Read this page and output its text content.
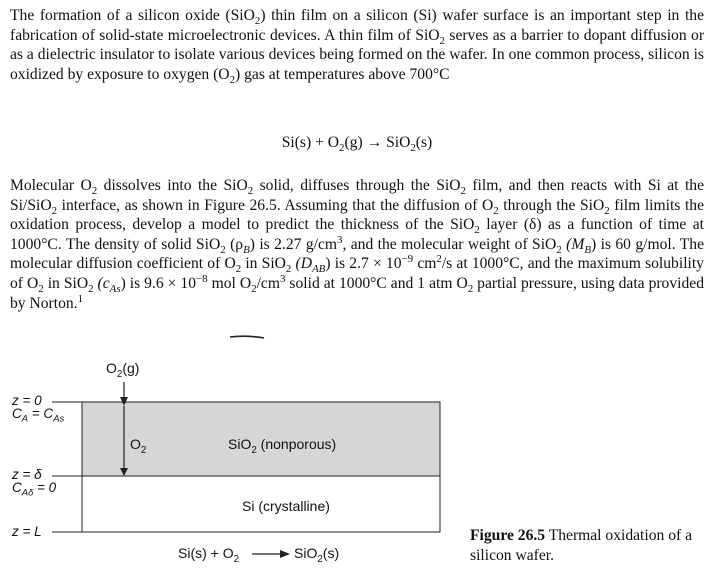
The formation of a silicon oxide (SiO$_2$) thin film on a silicon (Si) wafer surface is an important step in the fabrication of solid-state microelectronic devices. A thin film of SiO$_2$ serves as a barrier to dopant diffusion or as a dielectric insulator to isolate various devices being formed on the wafer. In one common process, silicon is oxidized by exposure to oxygen $(O_2)$ gas at temperatures above 700°C

$Si(s) + O_2(g) \to SiO_2(s)$

Molecular $O_2$ dissolves into the SiO$_2$ solid, diffuses through the SiO$_2$ film, and then reacts with Si at the Si/SiO$_2$ interface, as shown in Figure 26.5. Assuming that the diffusion of $O_2$ through the SiO$_2$ film limits the oxidation process, develop a model to predict the thickness of the SiO$_2$ layer (δ) as a function of time at 1000°C. The density of solid SiO$_2$ $(\rho_B)$ is 2.27 $g/cm^3$, and the molecular weight of SiO$_2$ $(M_B)$ is 60 g/mol. The molecular diffusion coefficient of $O_2$ in SiO$_2$ $(D_{AB})$ is $2.7 \times 10^{-9}$ $cm^2/s$ at 1000°C, and the maximum solubility of $O_2$ in SiO$_2$ $(c_{As})$ is $9.6 \times 10^{-8}$ mol $O_2/cm^3$ solid at 1000°C and 1 atm $O_2$ partial pressure, using data provided by Norton.$^1$

$O_2(g)$
$O_2$	SiO$_2$ (nonporous)
Si (crystalline)
z = 0
$C_A = C_{As}$
z = δ
$C_{A\delta} = 0$
z = L
$Si(s) + O_2$	SiO$_2$(s)
Figure 26.5 Thermal oxidation of a silicon wafer.
